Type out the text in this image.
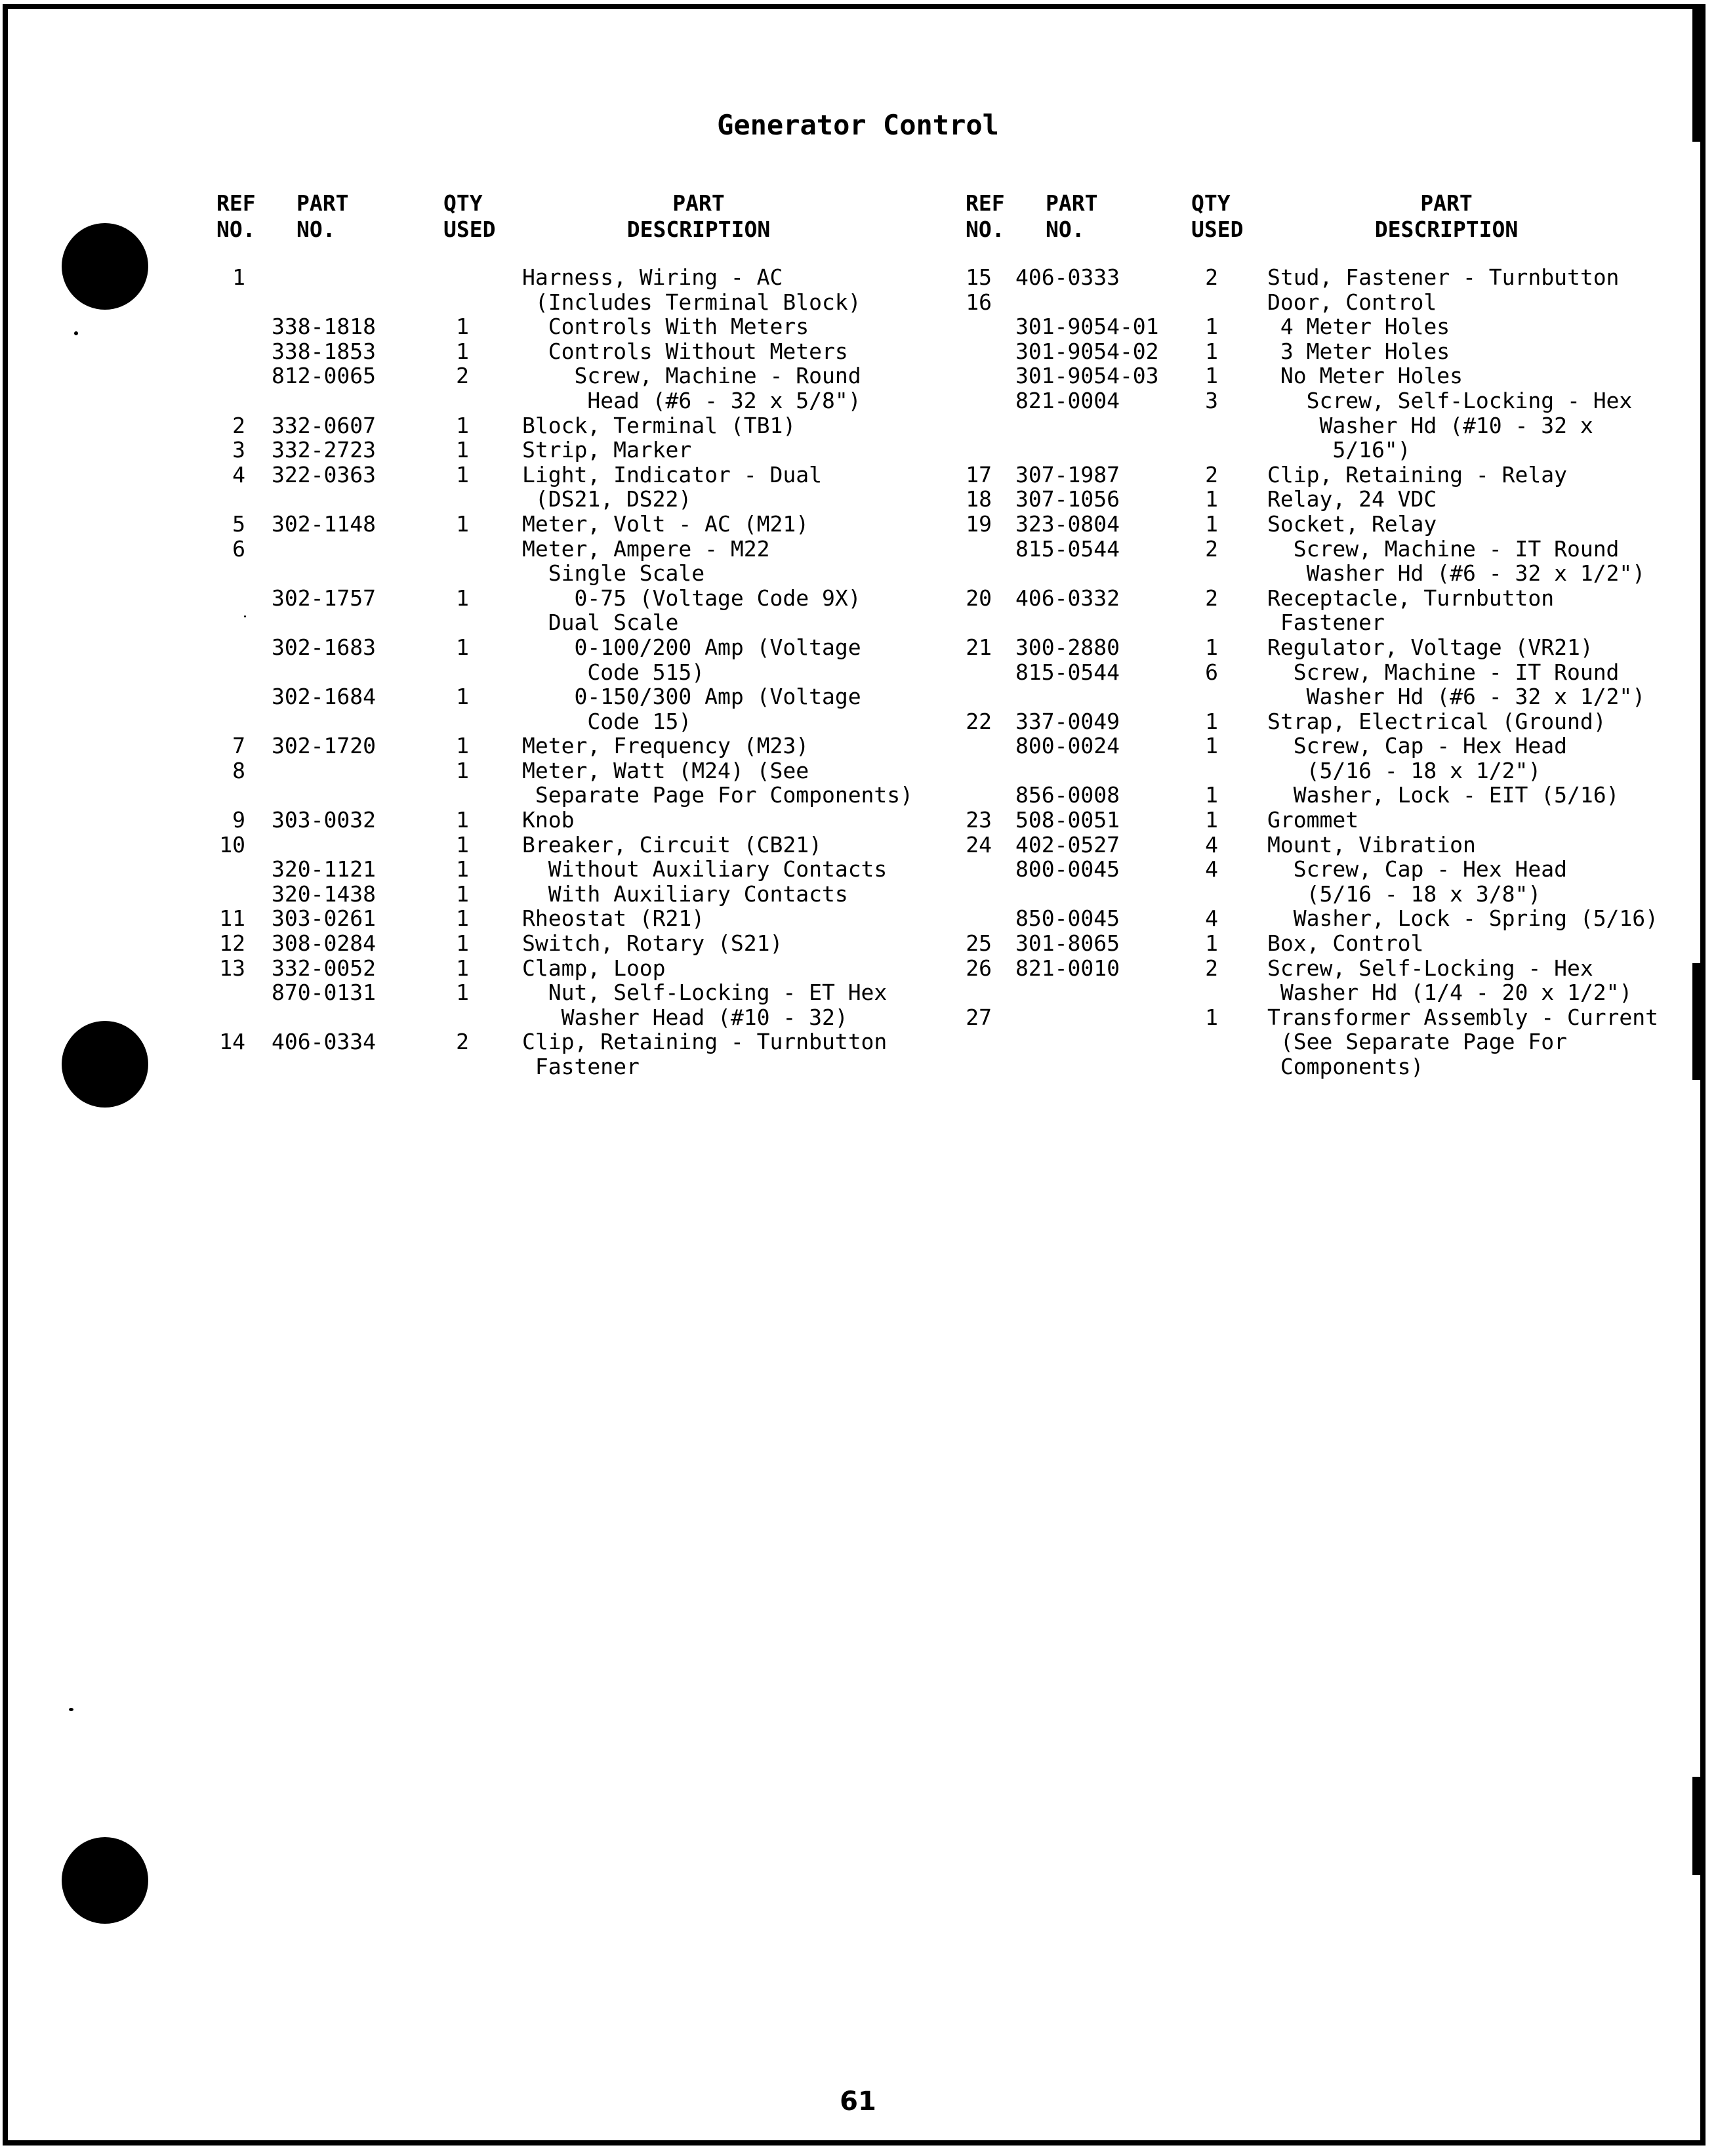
Generator Control
REF
NO.
PART
NO.
QTY
USED
PART
DESCRIPTION
REF
NO.
PART
NO.
QTY
USED
PART
DESCRIPTION
1
2
3
4
5
6
7
8
9
10
11
12
13
14
338-1818
338-1853
812-0065
332-0607
332-2723
322-0363
302-1148
302-1757
302-1683
302-1684
302-1720
303-0032
320-1121
320-1438
303-0261
308-0284
332-0052
870-0131
406-0334
1
1
2
1
1
1
1
1
1
1
1
1
1
1
1
1
1
1
1
1
2
Harness, Wiring - AC
(Includes Terminal Block)
Controls With Meters
Controls Without Meters
Screw, Machine - Round
Head (#6 - 32 x 5/8")
Block, Terminal (TB1)
Strip, Marker
Light, Indicator - Dual
(DS21, DS22)
Meter, Volt - AC (M21)
Meter, Ampere - M22
Single Scale
0-75 (Voltage Code 9X)
Dual Scale
0-100/200 Amp (Voltage
Code 515)
0-150/300 Amp (Voltage
Code 15)
Meter, Frequency (M23)
Meter, Watt (M24) (See
Separate Page For Components)
Knob
Breaker, Circuit (CB21)
Without Auxiliary Contacts
With Auxiliary Contacts
Rheostat (R21)
Switch, Rotary (S21)
Clamp, Loop
Nut, Self-Locking - ET Hex
Washer Head (#10 - 32)
Clip, Retaining - Turnbutton
Fastener
15
16
17
18
19
20
21
22
23
24
25
26
27
406-0333
301-9054-01
301-9054-02
301-9054-03
821-0004
307-1987
307-1056
323-0804
815-0544
406-0332
300-2880
815-0544
337-0049
800-0024
856-0008
508-0051
402-0527
800-0045
850-0045
301-8065
821-0010
2
1
1
1
3
2
1
1
2
2
1
6
1
1
1
1
4
4
4
1
2
1
Stud, Fastener - Turnbutton
Door, Control
4 Meter Holes
3 Meter Holes
No Meter Holes
Screw, Self-Locking - Hex
Washer Hd (#10 - 32 x
5/16")
Clip, Retaining - Relay
Relay, 24 VDC
Socket, Relay
Screw, Machine - IT Round
Washer Hd (#6 - 32 x 1/2")
Receptacle, Turnbutton
Fastener
Regulator, Voltage (VR21)
Screw, Machine - IT Round
Washer Hd (#6 - 32 x 1/2")
Strap, Electrical (Ground)
Screw, Cap - Hex Head
(5/16 - 18 x 1/2")
Washer, Lock - EIT (5/16)
Grommet
Mount, Vibration
Screw, Cap - Hex Head
(5/16 - 18 x 3/8")
Washer, Lock - Spring (5/16)
Box, Control
Screw, Self-Locking - Hex
Washer Hd (1/4 - 20 x 1/2")
Transformer Assembly - Current
(See Separate Page For
Components)
61
